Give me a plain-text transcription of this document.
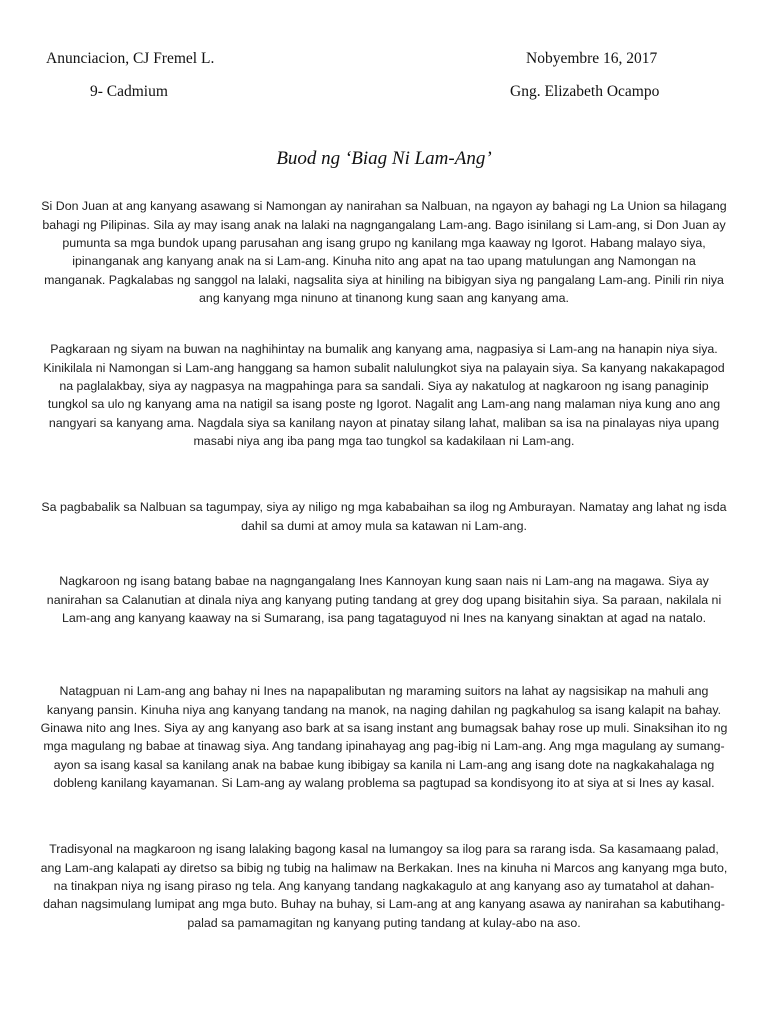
Anunciacion, CJ Fremel L.	Nobyembre 16, 2017
9- Cadmium	Gng. Elizabeth Ocampo
Buod ng ‘Biag Ni Lam-Ang’

Si Don Juan at ang kanyang asawang si Namongan ay nanirahan sa Nalbuan, na ngayon ay bahagi ng La Union sa hilagang bahagi ng Pilipinas. Sila ay may isang anak na lalaki na nagngangalang Lam-ang. Bago isinilang si Lam-ang, si Don Juan ay pumunta sa mga bundok upang parusahan ang isang grupo ng kanilang mga kaaway ng Igorot. Habang malayo siya, ipinanganak ang kanyang anak na si Lam-ang. Kinuha nito ang apat na tao upang matulungan ang Namongan na manganak. Pagkalabas ng sanggol na lalaki, nagsalita siya at hiniling na bibigyan siya ng pangalang Lam-ang. Pinili rin niya ang kanyang mga ninuno at tinanong kung saan ang kanyang ama.

Pagkaraan ng siyam na buwan na naghihintay na bumalik ang kanyang ama, nagpasiya si Lam-ang na hanapin niya siya. Kinikilala ni Namongan si Lam-ang hanggang sa hamon subalit nalulungkot siya na palayain siya. Sa kanyang nakakapagod na paglalakbay, siya ay nagpasya na magpahinga para sa sandali. Siya ay nakatulog at nagkaroon ng isang panaginip tungkol sa ulo ng kanyang ama na natigil sa isang poste ng Igorot. Nagalit ang Lam-ang nang malaman niya kung ano ang nangyari sa kanyang ama. Nagdala siya sa kanilang nayon at pinatay silang lahat, maliban sa isa na pinalayas niya upang masabi niya ang iba pang mga tao tungkol sa kadakilaan ni Lam-ang.

Sa pagbabalik sa Nalbuan sa tagumpay, siya ay niligo ng mga kababaihan sa ilog ng Amburayan. Namatay ang lahat ng isda dahil sa dumi at amoy mula sa katawan ni Lam-ang.

Nagkaroon ng isang batang babae na nagngangalang Ines Kannoyan kung saan nais ni Lam-ang na magawa. Siya ay nanirahan sa Calanutian at dinala niya ang kanyang puting tandang at grey dog upang bisitahin siya. Sa paraan, nakilala ni Lam-ang ang kanyang kaaway na si Sumarang, isa pang tagataguyod ni Ines na kanyang sinaktan at agad na natalo.

Natagpuan ni Lam-ang ang bahay ni Ines na napapalibutan ng maraming suitors na lahat ay nagsisikap na mahuli ang kanyang pansin. Kinuha niya ang kanyang tandang na manok, na naging dahilan ng pagkahulog sa isang kalapit na bahay. Ginawa nito ang Ines. Siya ay ang kanyang aso bark at sa isang instant ang bumagsak bahay rose up muli. Sinaksihan ito ng mga magulang ng babae at tinawag siya. Ang tandang ipinahayag ang pag-ibig ni Lam-ang. Ang mga magulang ay sumang-ayon sa isang kasal sa kanilang anak na babae kung ibibigay sa kanila ni Lam-ang ang isang dote na nagkakahalaga ng dobleng kanilang kayamanan. Si Lam-ang ay walang problema sa pagtupad sa kondisyong ito at siya at si Ines ay kasal.

Tradisyonal na magkaroon ng isang lalaking bagong kasal na lumangoy sa ilog para sa rarang isda. Sa kasamaang palad, ang Lam-ang kalapati ay diretso sa bibig ng tubig na halimaw na Berkakan. Ines na kinuha ni Marcos ang kanyang mga buto, na tinakpan niya ng isang piraso ng tela. Ang kanyang tandang nagkakagulo at ang kanyang aso ay tumatahol at dahan-dahan nagsimulang lumipat ang mga buto. Buhay na buhay, si Lam-ang at ang kanyang asawa ay nanirahan sa kabutihang-palad sa pamamagitan ng kanyang puting tandang at kulay-abo na aso.
